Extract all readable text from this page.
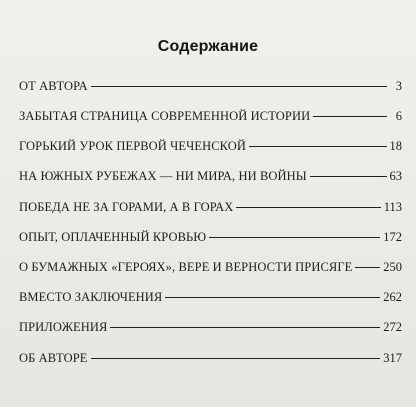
Содержание
ОТ АВТОРА	3
ЗАБЫТАЯ СТРАНИЦА СОВРЕМЕННОЙ ИСТОРИИ	6
ГОРЬКИЙ УРОК ПЕРВОЙ ЧЕЧЕНСКОЙ	18
НА ЮЖНЫХ РУБЕЖАХ — НИ МИРА, НИ ВОЙНЫ	63
ПОБЕДА НЕ ЗА ГОРАМИ, А В ГОРАХ	113
ОПЫТ, ОПЛАЧЕННЫЙ КРОВЬЮ	172
О БУМАЖНЫХ «ГЕРОЯХ», ВЕРЕ И ВЕРНОСТИ ПРИСЯГЕ 250
ВМЕСТО ЗАКЛЮЧЕНИЯ	262
ПРИЛОЖЕНИЯ	272
ОБ АВТОРЕ	317
